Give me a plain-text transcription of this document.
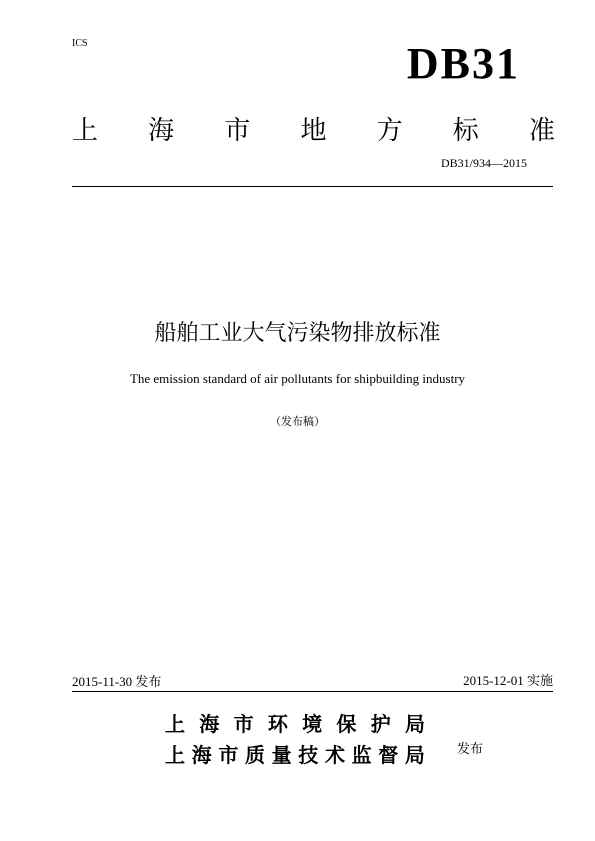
ICS	DB31
上 海 市 地 方 标 准
DB31/934—2015
船舶工业大气污染物排放标准
The emission standard of air pollutants for shipbuilding industry
（发布稿）
2015-11-30 发布	2015-12-01 实施
上 海 市 环 境 保 护 局
上 海 市 质 量 技 术 监 督 局 发布
